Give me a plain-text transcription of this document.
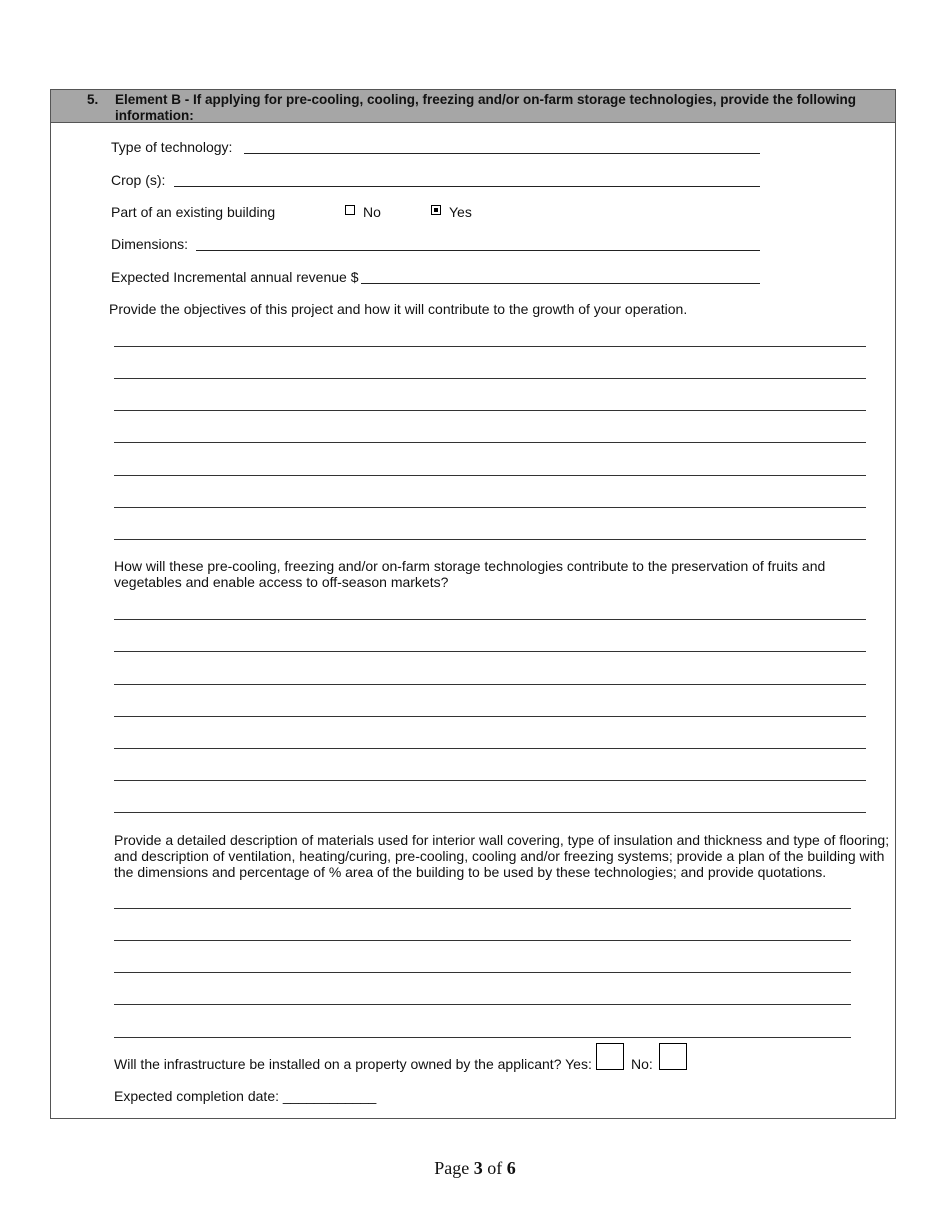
5. Element B - If applying for pre-cooling, cooling, freezing and/or on-farm storage technologies, provide the following information:
Type of technology:
Crop (s):
Part of an existing building	No	Yes
Dimensions:
Expected Incremental annual revenue $
Provide the objectives of this project and how it will contribute to the growth of your operation.
How will these pre-cooling, freezing and/or on-farm storage technologies contribute to the preservation of fruits and vegetables and enable access to off-season markets?
Provide a detailed description of materials used for interior wall covering, type of insulation and thickness and type of flooring; and description of ventilation, heating/curing, pre-cooling, cooling and/or freezing systems; provide a plan of the building with the dimensions and percentage of % area of the building to be used by these technologies; and provide quotations.
Will the infrastructure be installed on a property owned by the applicant? Yes:	No:
Expected completion date: ____________
Page 3 of 6
